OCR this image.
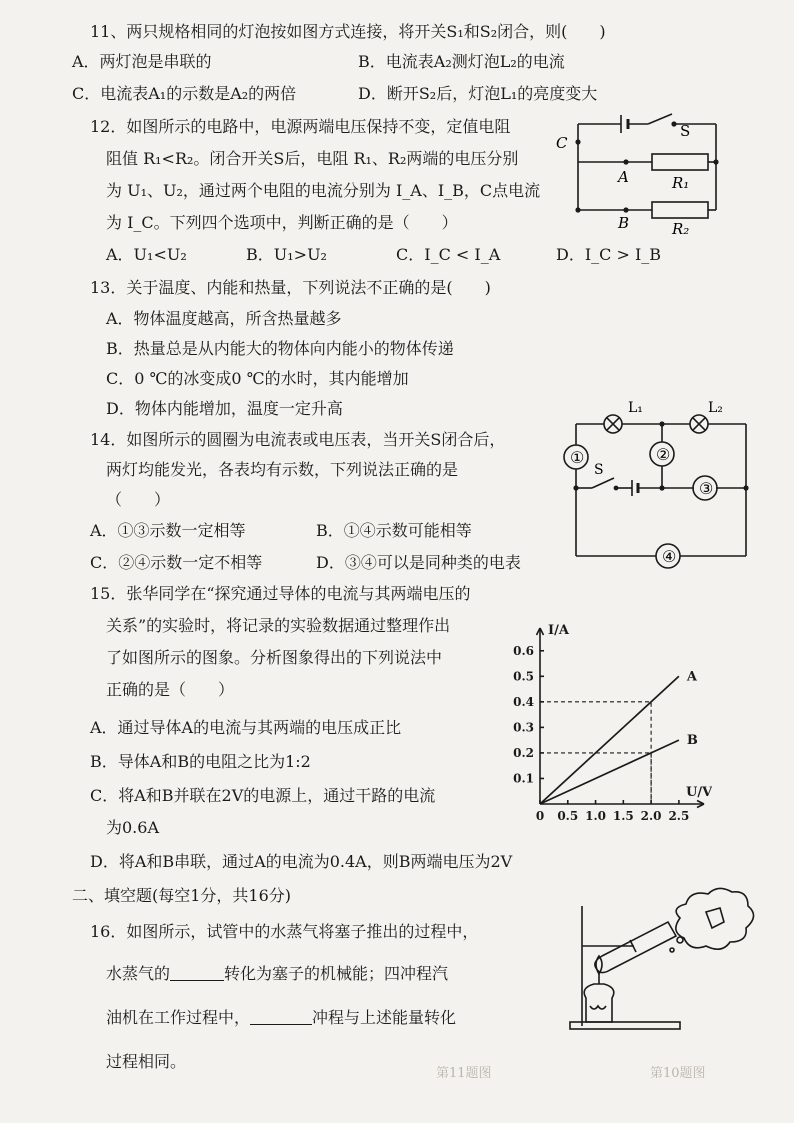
11、两只规格相同的灯泡按如图方式连接，将开关S₁和S₂闭合，则(　　)
A．两灯泡是串联的	B．电流表A₂测灯泡L₂的电流
C．电流表A₁的示数是A₂的两倍	D．断开S₂后，灯泡L₁的亮度变大
12．如图所示的电路中，电源两端电压保持不变，定值电阻
阻值 R₁<R₂。闭合开关S后，电阻 R₁、R₂两端的电压分别
为 U₁、U₂，通过两个电阻的电流分别为 I_A、I_B，C点电流
为 I_C。下列四个选项中，判断正确的是（　　）
A．U₁<U₂	B．U₁>U₂	C．I_C < I_A	D．I_C > I_B
C
S
A
B
R₁
R₂
13．关于温度、内能和热量，下列说法不正确的是(　　)
A．物体温度越高，所含热量越多
B．热量总是从内能大的物体向内能小的物体传递
C．0 ℃的冰变成0 ℃的水时，其内能增加
D．物体内能增加，温度一定升高
14．如图所示的圆圈为电流表或电压表，当开关S闭合后，
两灯均能发光，各表均有示数，下列说法正确的是
（　　）
A．①③示数一定相等	B．①④示数可能相等
C．②④示数一定不相等	D．③④可以是同种类的电表
①	②
③
④
L₁	L₂
S
15．张华同学在“探究通过导体的电流与其两端电压的
关系”的实验时，将记录的实验数据通过整理作出
了如图所示的图象。分析图象得出的下列说法中
正确的是（　　）
A．通过导体A的电流与其两端的电压成正比
B．导体A和B的电阻之比为1:2
C．将A和B并联在2V的电源上，通过干路的电流
为0.6A
D．将A和B串联，通过A的电流为0.4A，则B两端电压为2V
0 0.5 1.0 1.5 2.0 2.5
0.1
0.2
0.3
0.4
0.5
0.6
A
B
I/A
U/V
二、填空题(每空1分，共16分)
16．如图所示，试管中的水蒸气将塞子推出的过程中，
水蒸气的	转化为塞子的机械能；四冲程汽
油机在工作过程中，	冲程与上述能量转化
过程相同。
第10题图
第11题图
